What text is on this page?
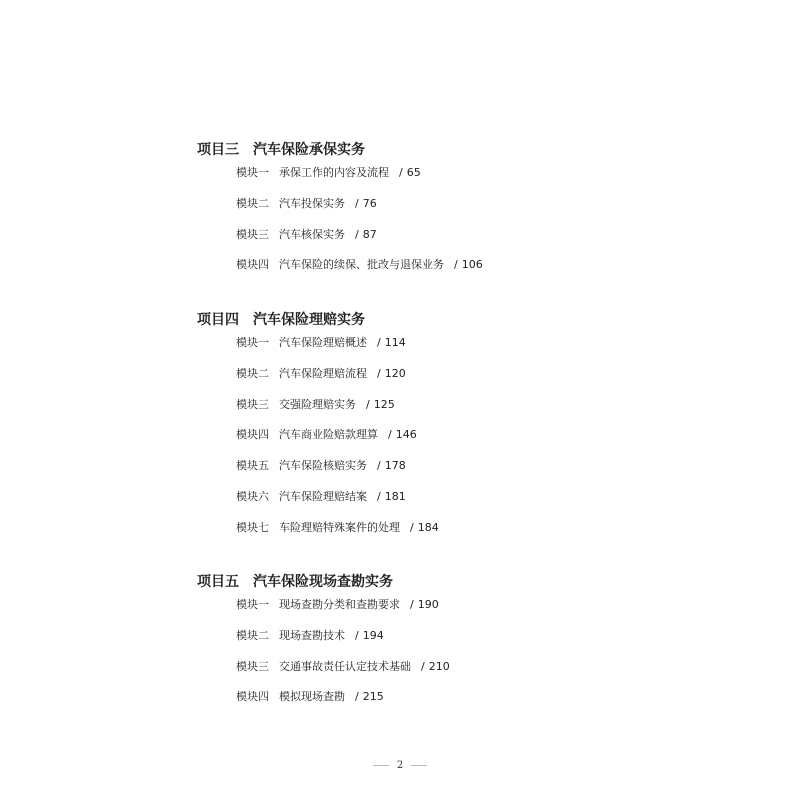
项目三 汽车保险承保实务
模块一 承保工作的内容及流程 / 65
模块二 汽车投保实务 / 76
模块三 汽车核保实务 / 87
模块四 汽车保险的续保、批改与退保业务 / 106
项目四 汽车保险理赔实务
模块一 汽车保险理赔概述 / 114
模块二 汽车保险理赔流程 / 120
模块三 交强险理赔实务 / 125
模块四 汽车商业险赔款理算 / 146
模块五 汽车保险核赔实务 / 178
模块六 汽车保险理赔结案 / 181
模块七 车险理赔特殊案件的处理 / 184
项目五 汽车保险现场查勘实务
模块一 现场查勘分类和查勘要求 / 190
模块二 现场查勘技术 / 194
模块三 交通事故责任认定技术基础 / 210
模块四 模拟现场查勘 / 215
2
